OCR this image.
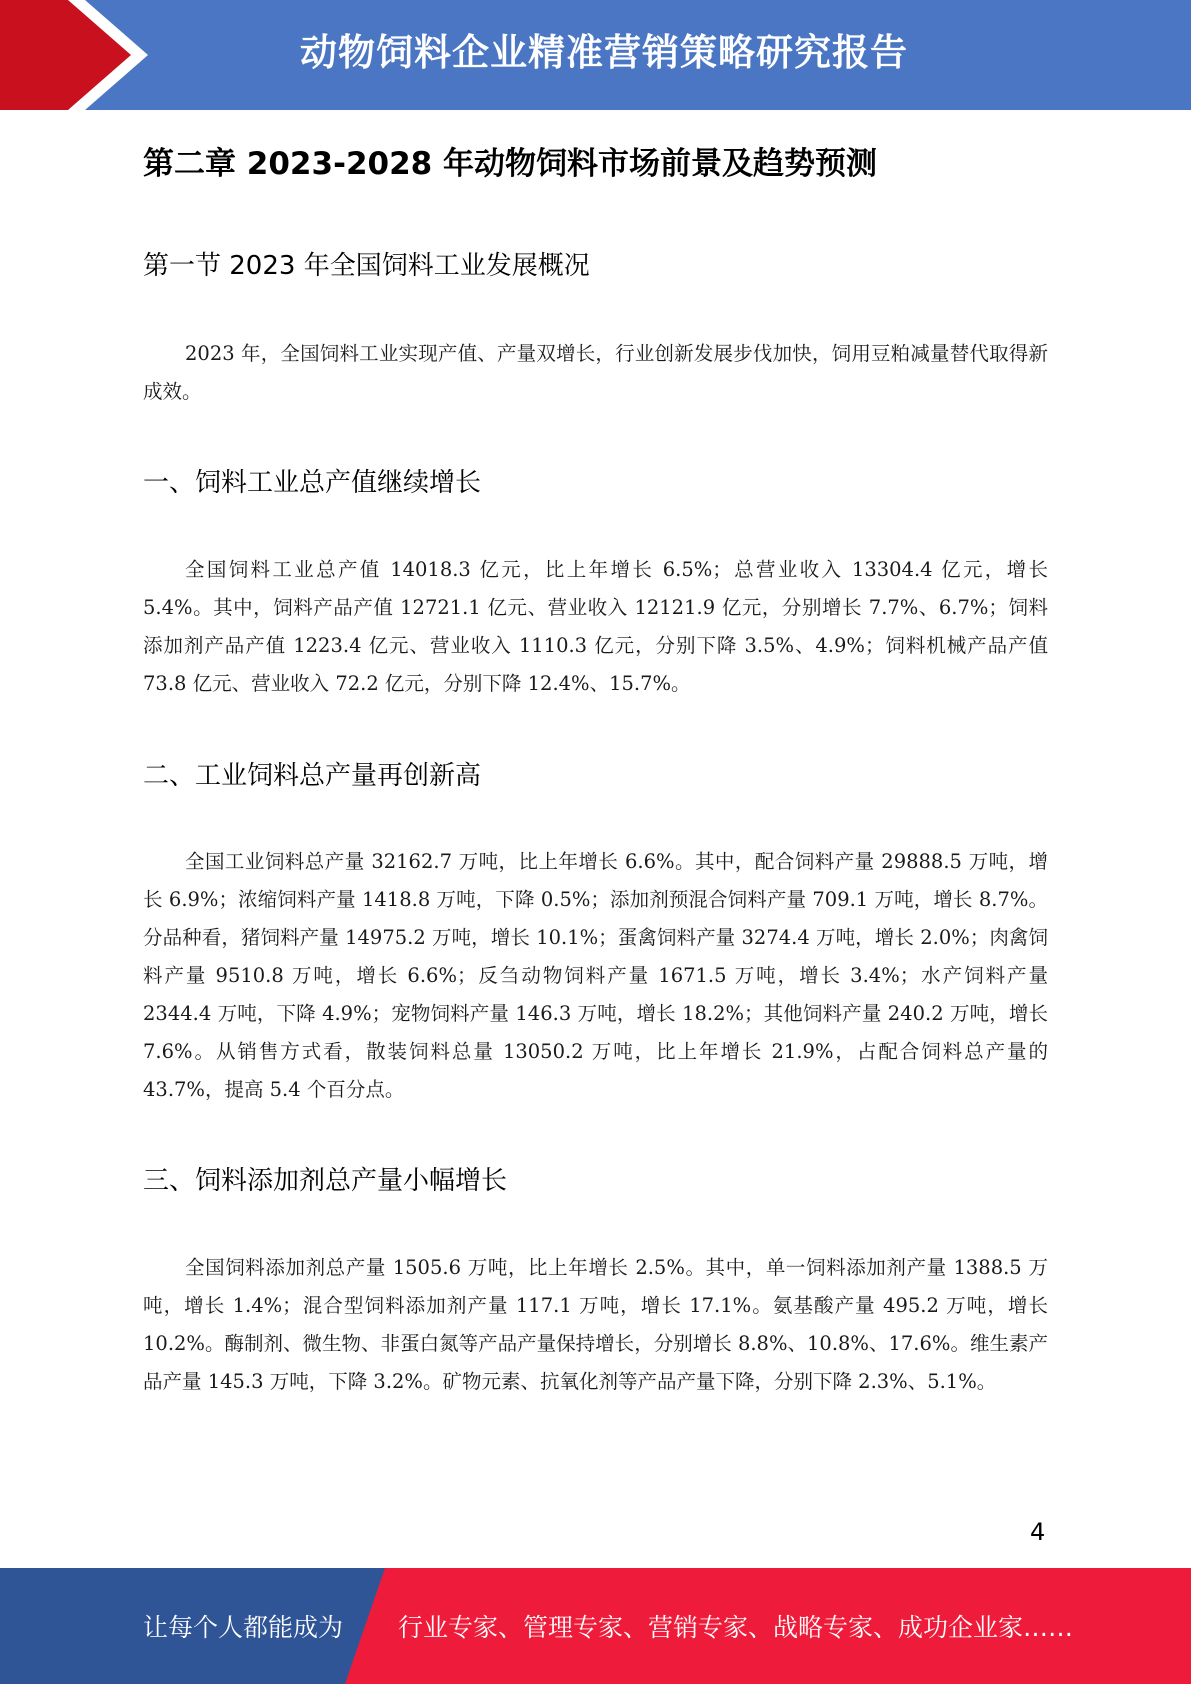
动物饲料企业精准营销策略研究报告
第二章 2023-2028 年动物饲料市场前景及趋势预测
第一节 2023 年全国饲料工业发展概况
2023 年，全国饲料工业实现产值、产量双增长，行业创新发展步伐加快，饲用豆粕减量替代取得新成效。
一、饲料工业总产值继续增长
全国饲料工业总产值 14018.3 亿元，比上年增长 6.5%；总营业收入 13304.4 亿元，增长 5.4%。其中，饲料产品产值 12721.1 亿元、营业收入 12121.9 亿元，分别增长 7.7%、6.7%；饲料添加剂产品产值 1223.4 亿元、营业收入 1110.3 亿元，分别下降 3.5%、4.9%；饲料机械产品产值 73.8 亿元、营业收入 72.2 亿元，分别下降 12.4%、15.7%。
二、工业饲料总产量再创新高
全国工业饲料总产量 32162.7 万吨，比上年增长 6.6%。其中，配合饲料产量 29888.5 万吨，增长 6.9%；浓缩饲料产量 1418.8 万吨，下降 0.5%；添加剂预混合饲料产量 709.1 万吨，增长 8.7%。分品种看，猪饲料产量 14975.2 万吨，增长 10.1%；蛋禽饲料产量 3274.4 万吨，增长 2.0%；肉禽饲料产量 9510.8 万吨，增长 6.6%；反刍动物饲料产量 1671.5 万吨，增长 3.4%；水产饲料产量 2344.4 万吨，下降 4.9%；宠物饲料产量 146.3 万吨，增长 18.2%；其他饲料产量 240.2 万吨，增长 7.6%。从销售方式看，散装饲料总量 13050.2 万吨，比上年增长 21.9%，占配合饲料总产量的 43.7%，提高 5.4 个百分点。
三、饲料添加剂总产量小幅增长
全国饲料添加剂总产量 1505.6 万吨，比上年增长 2.5%。其中，单一饲料添加剂产量 1388.5 万吨，增长 1.4%；混合型饲料添加剂产量 117.1 万吨，增长 17.1%。氨基酸产量 495.2 万吨，增长 10.2%。酶制剂、微生物、非蛋白氮等产品产量保持增长，分别增长 8.8%、10.8%、17.6%。维生素产品产量 145.3 万吨，下降 3.2%。矿物元素、抗氧化剂等产品产量下降，分别下降 2.3%、5.1%。
4
让每个人都能成为 行业专家、管理专家、营销专家、战略专家、成功企业家……
